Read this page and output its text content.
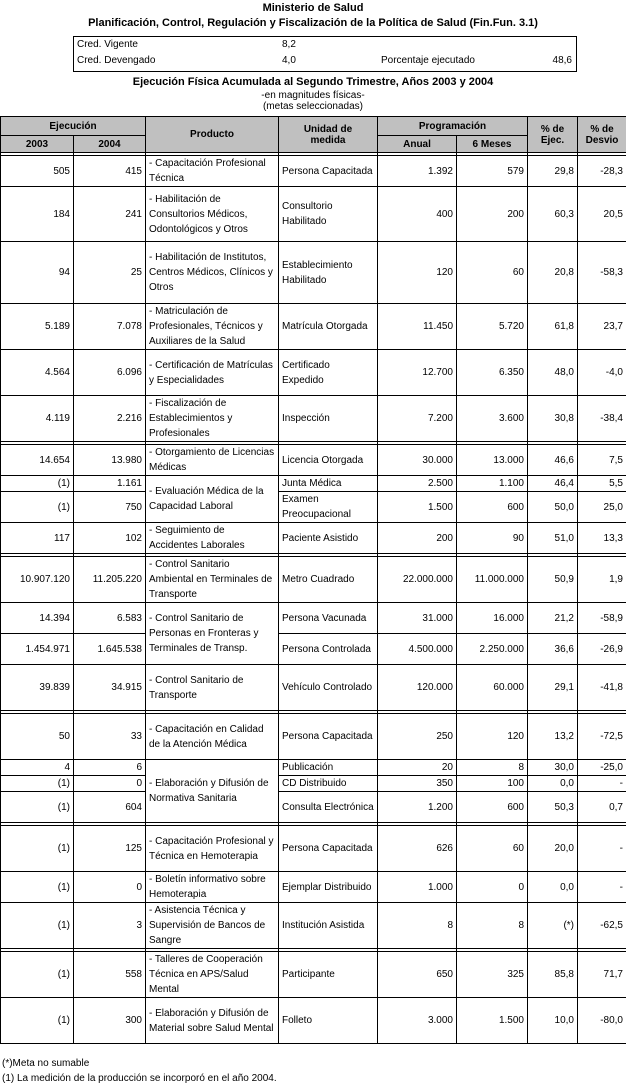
Ministerio de Salud
Planificación, Control, Regulación y Fiscalización de la Política de Salud (Fin.Fun. 3.1)
Cred. Vigente	8,2
Cred. Devengado	4,0	Porcentaje ejecutado	48,6
Ejecución Física Acumulada al Segundo Trimestre, Años 2003 y 2004
-en magnitudes físicas-
(metas seleccionadas)
Ejecución		Producto	Unidad de medida	Programación		% de Ejec.	% de Desvio
2003	2004			Anual	6 Meses		

505	415	- Capacitación Profesional Técnica	Persona Capacitada	1.392	579	29,8	-28,3
184	241	- Habilitación de Consultorios Médicos, Odontológicos y Otros	Consultorio Habilitado	400	200	60,3	20,5
94	25	- Habilitación de Institutos, Centros Médicos, Clínicos y Otros	Establecimiento Habilitado	120	60	20,8	-58,3
5.189	7.078	- Matriculación de Profesionales, Técnicos y Auxiliares de la Salud	Matrícula Otorgada	11.450	5.720	61,8	23,7
4.564	6.096	- Certificación de Matrículas y Especialidades	Certificado Expedido	12.700	6.350	48,0	-4,0
4.119	2.216	- Fiscalización de Establecimientos y Profesionales	Inspección	7.200	3.600	30,8	-38,4

14.654	13.980	- Otorgamiento de Licencias Médicas	Licencia Otorgada	30.000	13.000	46,6	7,5
(1)	1.161	- Evaluación Médica de la Capacidad Laboral	Junta Médica	2.500	1.100	46,4	5,5
(1)	750		Examen Preocupacional	1.500	600	50,0	25,0
117	102	- Seguimiento de Accidentes Laborales	Paciente Asistido	200	90	51,0	13,3

10.907.120	11.205.220	- Control Sanitario Ambiental en Terminales de Transporte	Metro Cuadrado	22.000.000	11.000.000	50,9	1,9
14.394	6.583	- Control Sanitario de Personas en Fronteras y Terminales de Transp.	Persona Vacunada	31.000	16.000	21,2	-58,9
1.454.971	1.645.538		Persona Controlada	4.500.000	2.250.000	36,6	-26,9
39.839	34.915	- Control Sanitario de Transporte	Vehículo Controlado	120.000	60.000	29,1	-41,8

50	33	- Capacitación en Calidad de la Atención Médica	Persona Capacitada	250	120	13,2	-72,5
4	6	- Elaboración y Difusión de Normativa Sanitaria	Publicación	20	8	30,0	-25,0
(1)	0		CD Distribuido	350	100	0,0	-
(1)	604		Consulta Electrónica	1.200	600	50,3	0,7

(1)	125	- Capacitación Profesional y Técnica en Hemoterapia	Persona Capacitada	626	60	20,0	-
(1)	0	- Boletín informativo sobre Hemoterapia	Ejemplar Distribuido	1.000	0	0,0	-
(1)	3	- Asistencia Técnica y Supervisión de Bancos de Sangre	Institución Asistida	8	8	(*)	-62,5

(1)	558	- Talleres de Cooperación Técnica en APS/Salud Mental	Participante	650	325	85,8	71,7
(1)	300	- Elaboración y Difusión de Material sobre Salud Mental	Folleto	3.000	1.500	10,0	-80,0
(*)Meta no sumable
(1) La medición de la producción se incorporó en el año 2004.
